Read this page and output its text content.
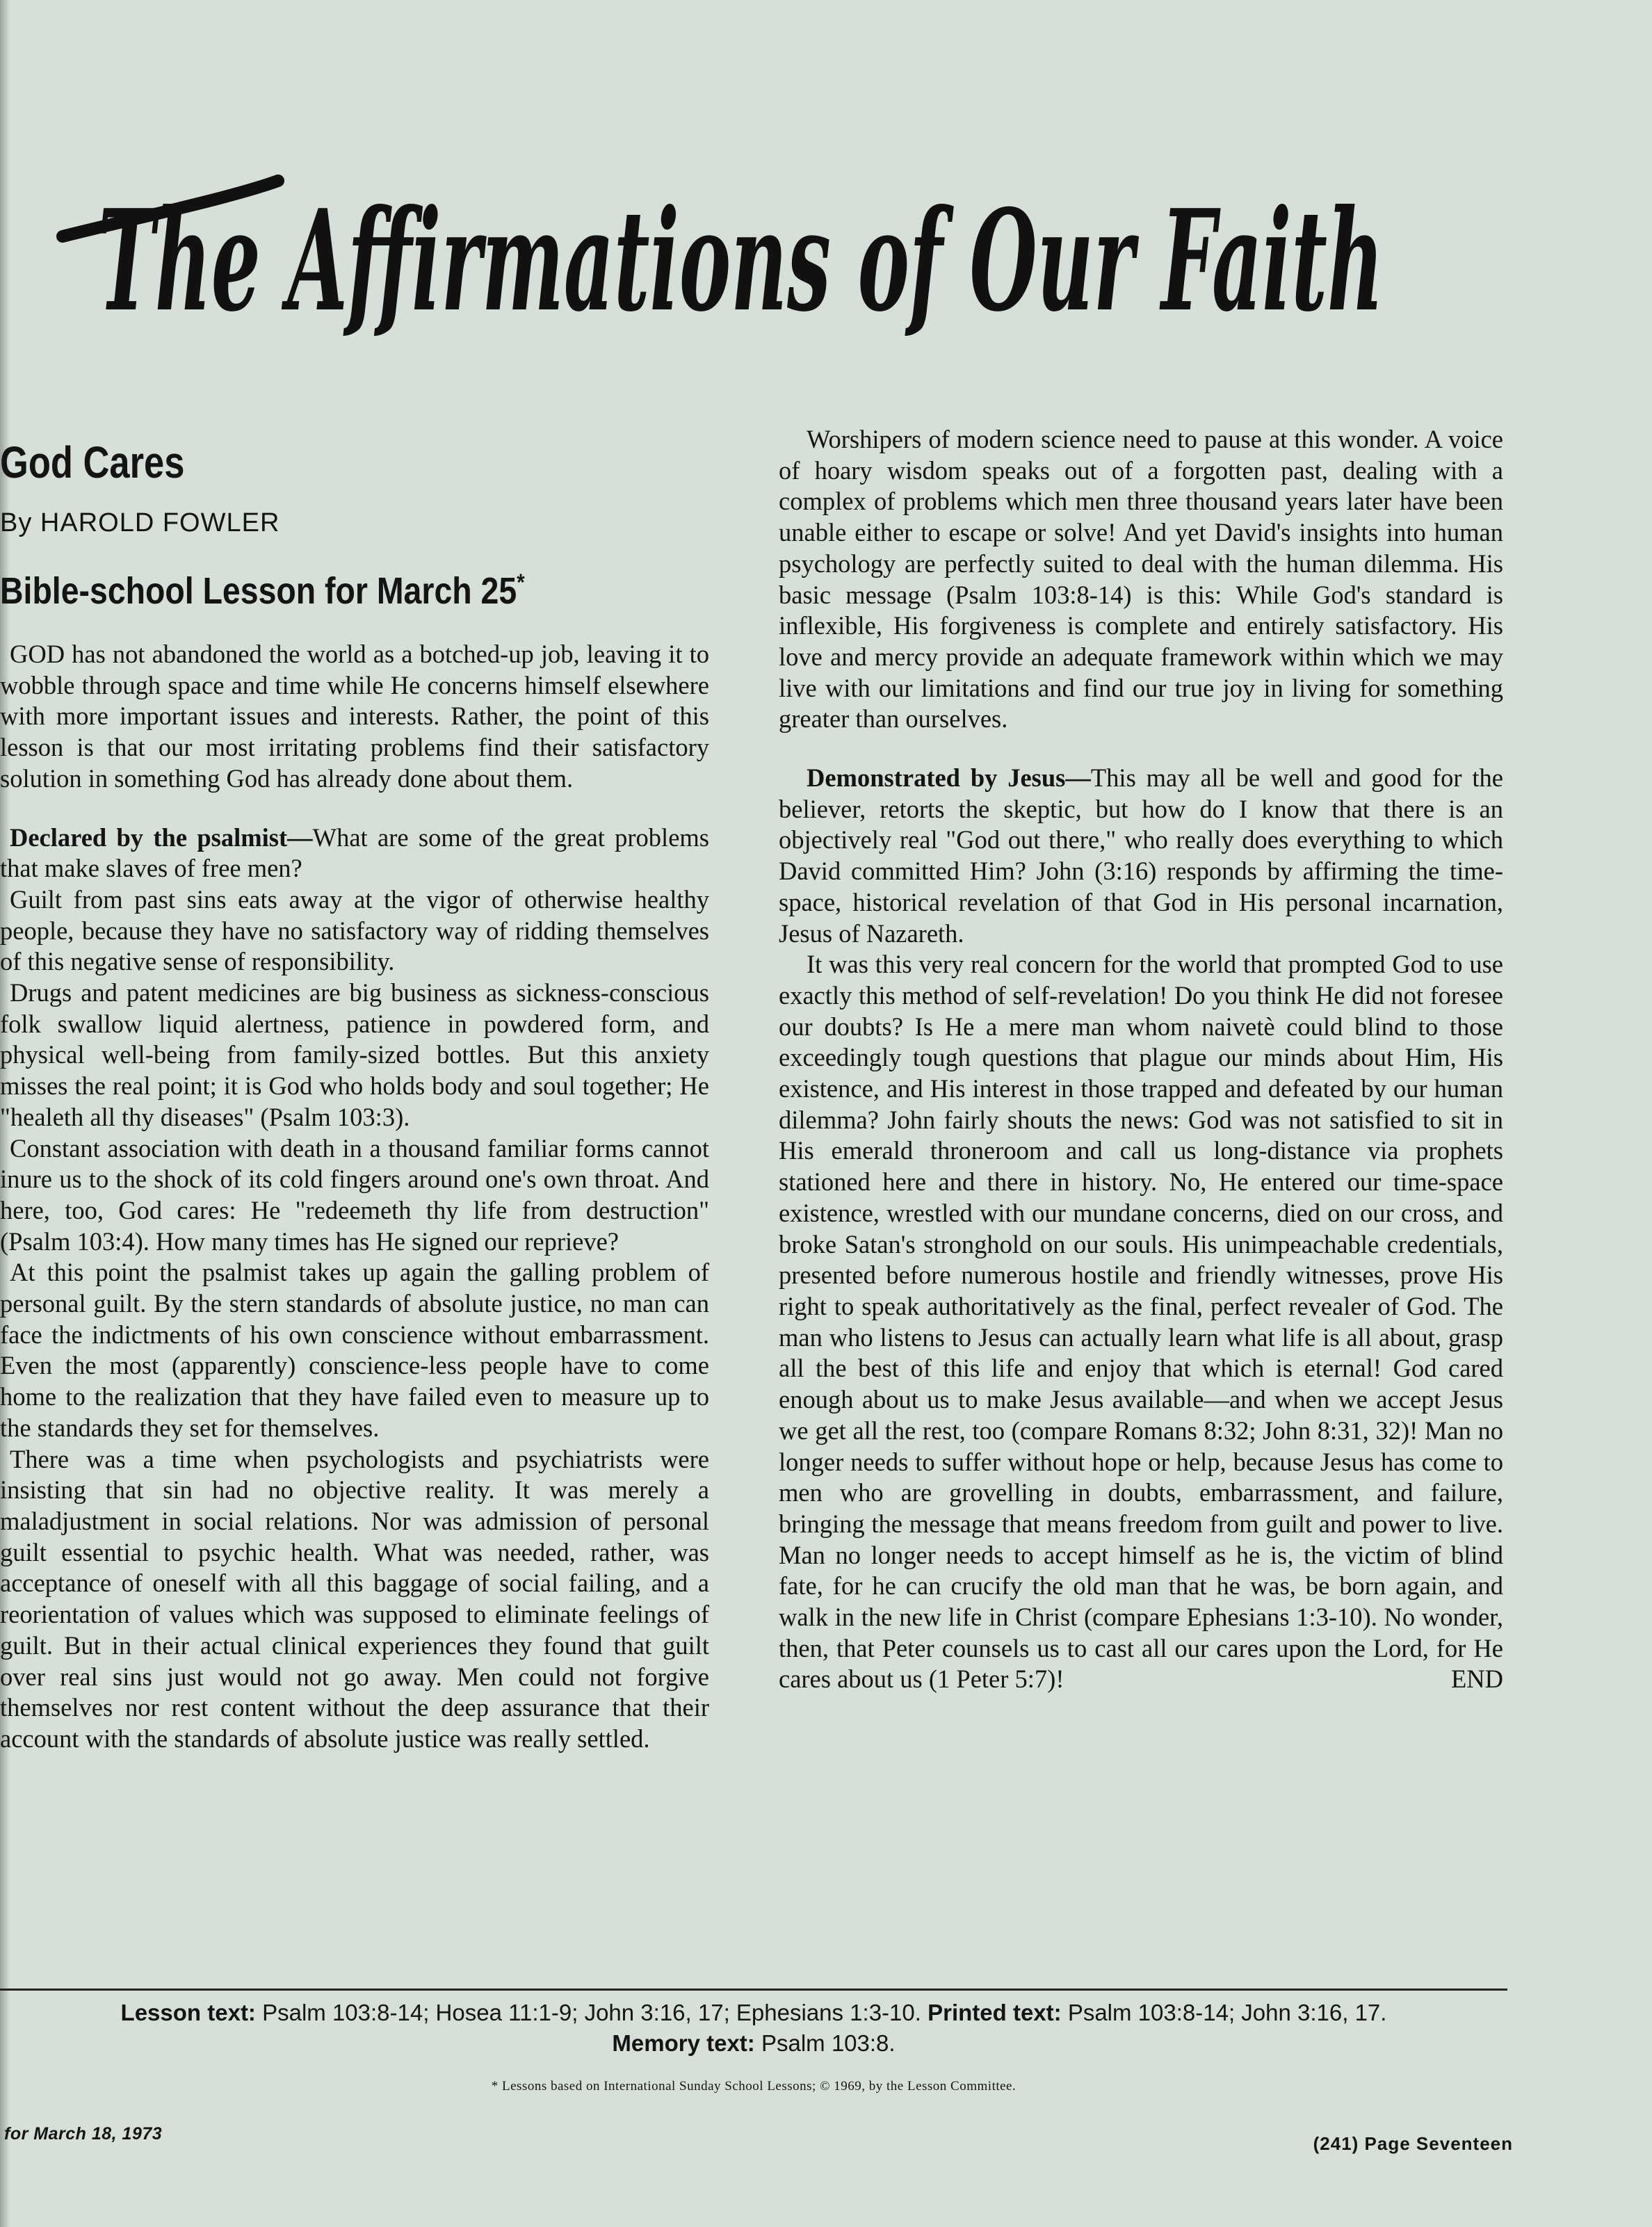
The Affirmations of Our Faith
God Cares
By HAROLD FOWLER
Bible-school Lesson for March 25*

GOD has not abandoned the world as a botched-up job, leaving it to wobble through space and time while He concerns himself elsewhere with more important issues and interests. Rather, the point of this lesson is that our most irritating problems find their satisfactory solution in something God has already done about them.

Declared by the psalmist—What are some of the great problems that make slaves of free men?

Guilt from past sins eats away at the vigor of otherwise healthy people, because they have no satisfactory way of ridding themselves of this negative sense of responsibility.

Drugs and patent medicines are big business as sickness-conscious folk swallow liquid alertness, patience in powdered form, and physical well-being from family-sized bottles. But this anxiety misses the real point; it is God who holds body and soul together; He "healeth all thy diseases" (Psalm 103:3).

Constant association with death in a thousand familiar forms cannot inure us to the shock of its cold fingers around one's own throat. And here, too, God cares: He "redeemeth thy life from destruction" (Psalm 103:4). How many times has He signed our reprieve?

At this point the psalmist takes up again the galling problem of personal guilt. By the stern standards of absolute justice, no man can face the indictments of his own conscience without embarrassment. Even the most (apparently) conscience-less people have to come home to the realization that they have failed even to measure up to the standards they set for themselves.

There was a time when psychologists and psychiatrists were insisting that sin had no objective reality. It was merely a maladjustment in social relations. Nor was admission of personal guilt essential to psychic health. What was needed, rather, was acceptance of oneself with all this baggage of social failing, and a reorientation of values which was supposed to eliminate feelings of guilt. But in their actual clinical experiences they found that guilt over real sins just would not go away. Men could not forgive themselves nor rest content without the deep assurance that their account with the standards of absolute justice was really settled.

Worshipers of modern science need to pause at this wonder. A voice of hoary wisdom speaks out of a forgotten past, dealing with a complex of problems which men three thousand years later have been unable either to escape or solve! And yet David's insights into human psychology are perfectly suited to deal with the human dilemma. His basic message (Psalm 103:8-14) is this: While God's standard is inflexible, His forgiveness is complete and entirely satisfactory. His love and mercy provide an adequate framework within which we may live with our limitations and find our true joy in living for something greater than ourselves.

Demonstrated by Jesus—This may all be well and good for the believer, retorts the skeptic, but how do I know that there is an objectively real "God out there," who really does everything to which David committed Him? John (3:16) responds by affirming the time-space, historical revelation of that God in His personal incarnation, Jesus of Nazareth.

It was this very real concern for the world that prompted God to use exactly this method of self-revelation! Do you think He did not foresee our doubts? Is He a mere man whom naivetè could blind to those exceedingly tough questions that plague our minds about Him, His existence, and His interest in those trapped and defeated by our human dilemma? John fairly shouts the news: God was not satisfied to sit in His emerald throneroom and call us long-distance via prophets stationed here and there in history. No, He entered our time-space existence, wrestled with our mundane concerns, died on our cross, and broke Satan's stronghold on our souls. His unimpeachable credentials, presented before numerous hostile and friendly witnesses, prove His right to speak authoritatively as the final, perfect revealer of God. The man who listens to Jesus can actually learn what life is all about, grasp all the best of this life and enjoy that which is eternal! God cared enough about us to make Jesus available—and when we accept Jesus we get all the rest, too (compare Romans 8:32; John 8:31, 32)! Man no longer needs to suffer without hope or help, because Jesus has come to men who are grovelling in doubts, embarrassment, and failure, bringing the message that means freedom from guilt and power to live. Man no longer needs to accept himself as he is, the victim of blind fate, for he can crucify the old man that he was, be born again, and walk in the new life in Christ (compare Ephesians 1:3-10). No wonder, then, that Peter counsels us to cast all our cares upon the Lord, for He cares about us (1 Peter 5:7)!	END

Lesson text: Psalm 103:8-14; Hosea 11:1-9; John 3:16, 17; Ephesians 1:3-10. Printed text: Psalm 103:8-14; John 3:16, 17.
Memory text: Psalm 103:8.
* Lessons based on International Sunday School Lessons; © 1969, by the Lesson Committee.
for March 18, 1973	(241) Page Seventeen
